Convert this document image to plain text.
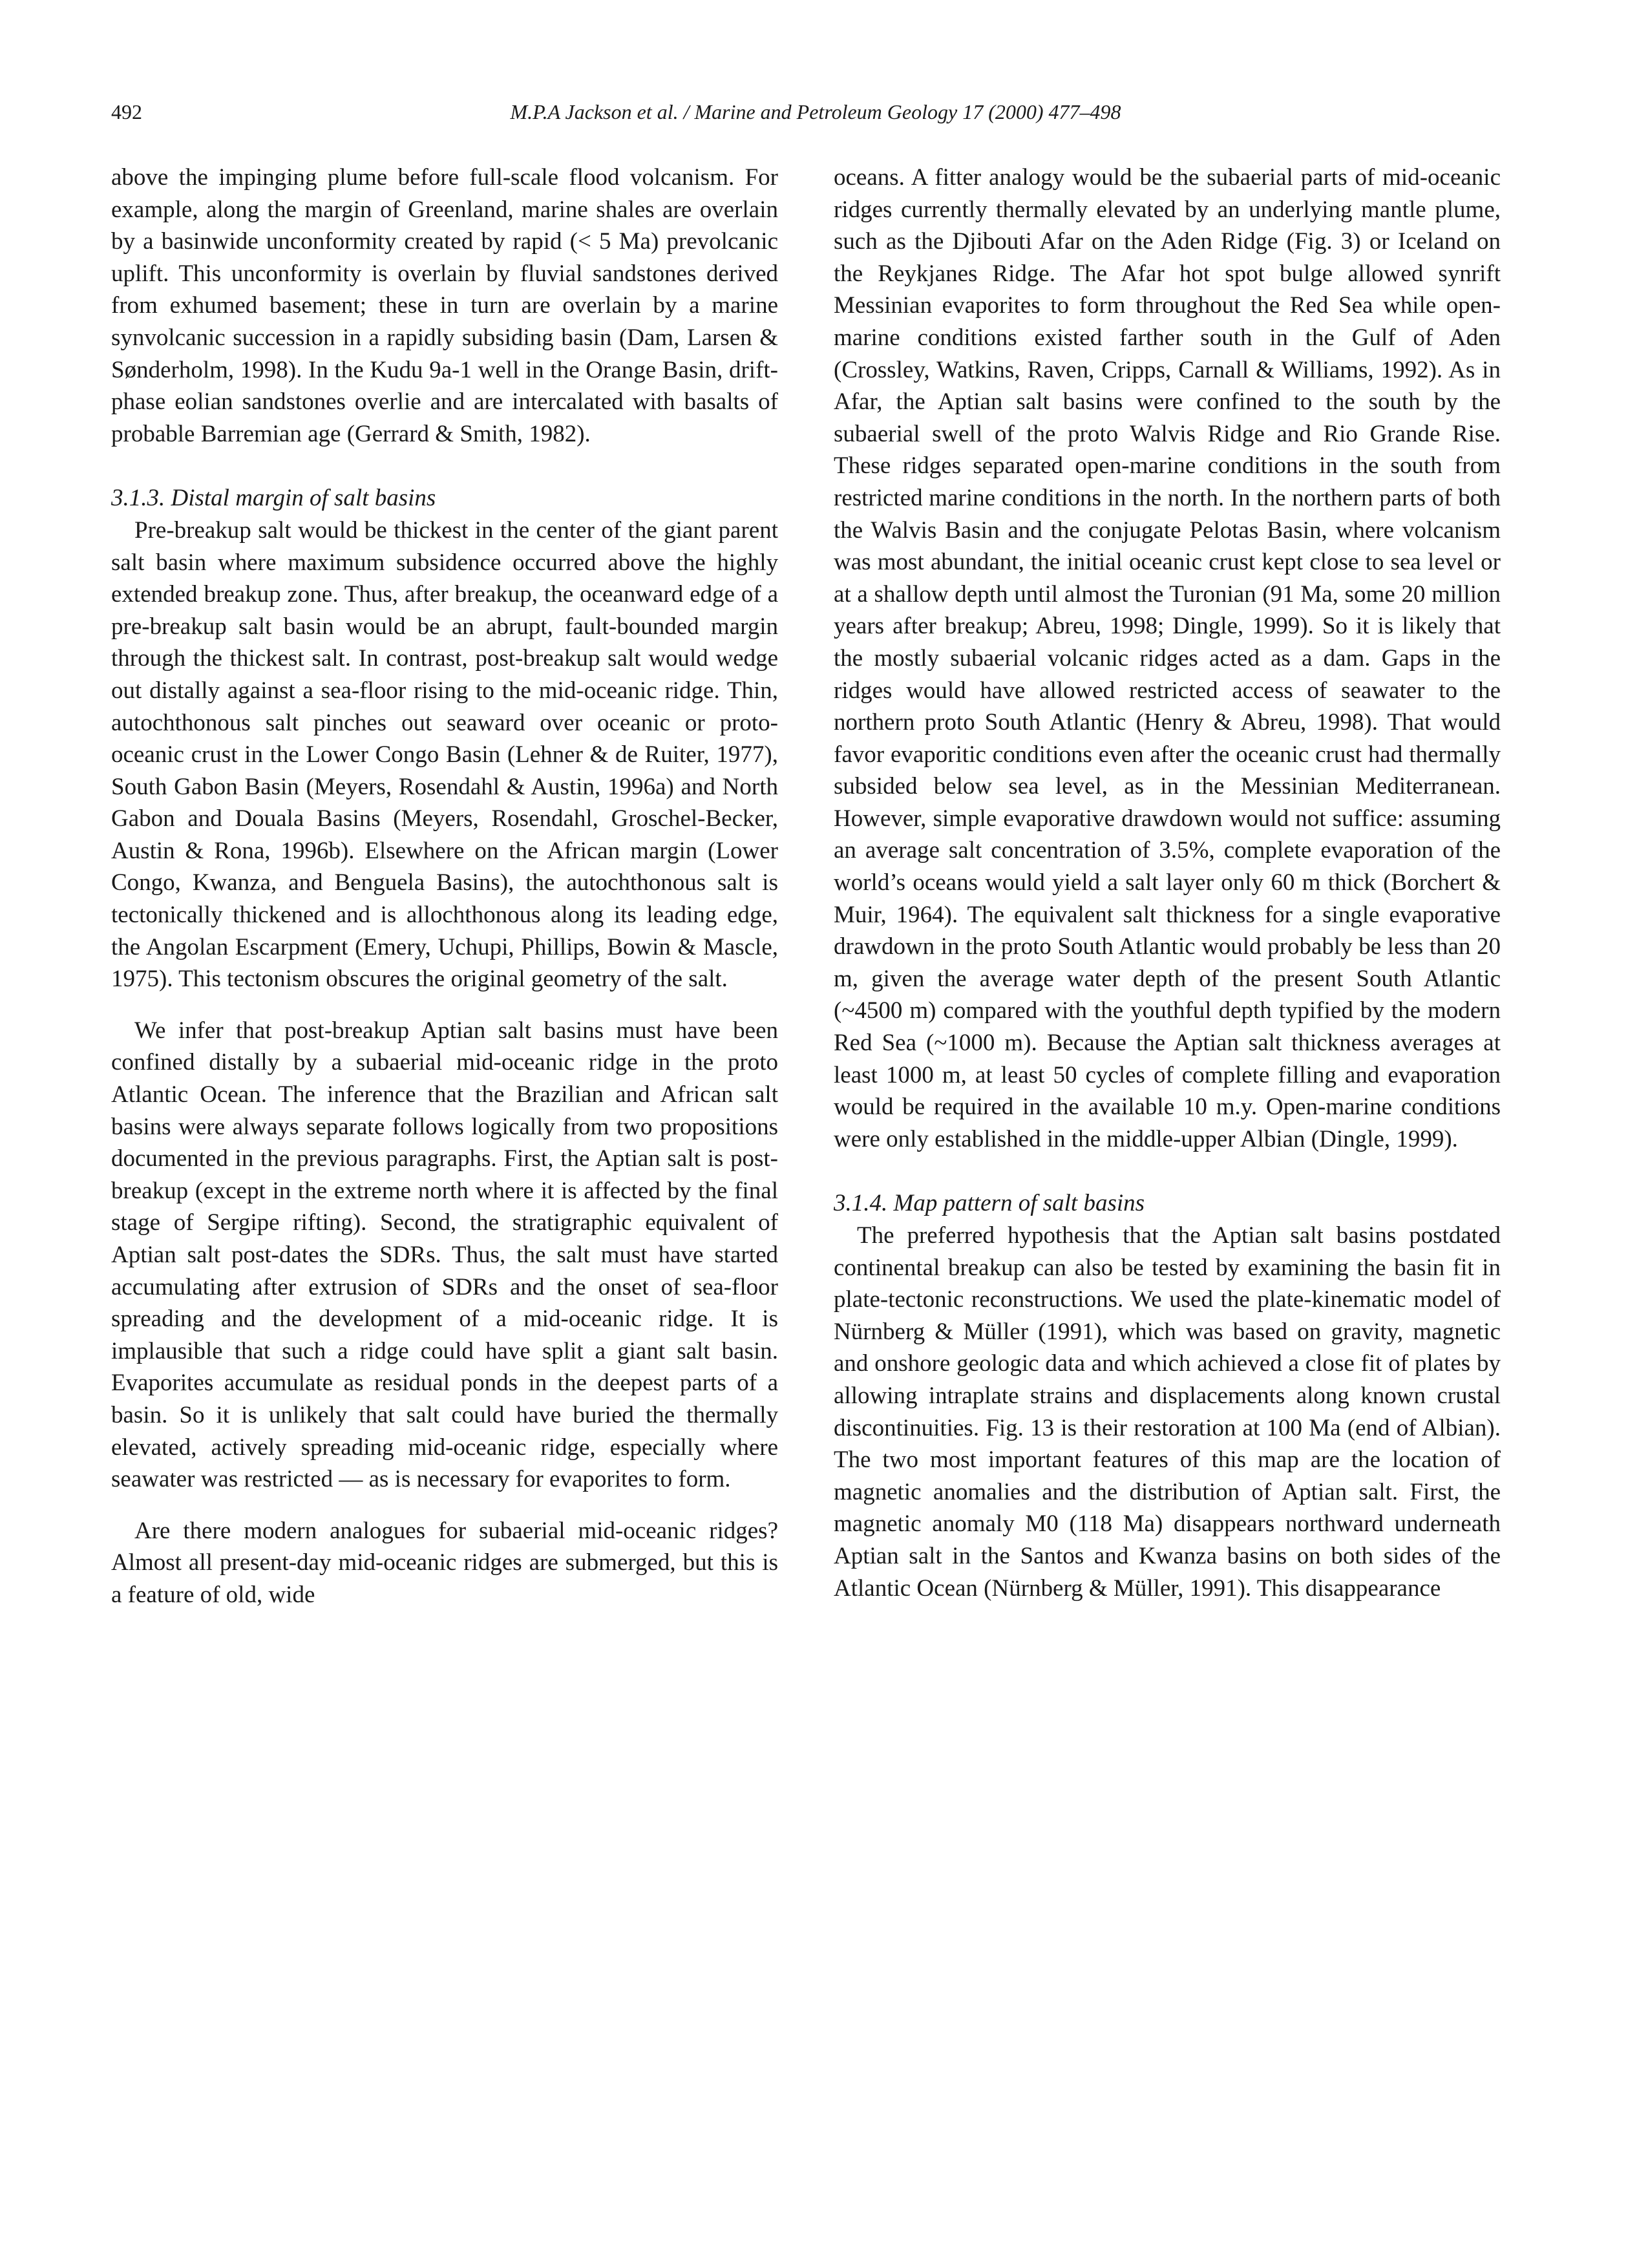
492	M.P.A Jackson et al. / Marine and Petroleum Geology 17 (2000) 477–498

above the impinging plume before full-scale flood volcanism. For example, along the margin of Greenland, marine shales are overlain by a basinwide unconformity created by rapid (< 5 Ma) prevolcanic uplift. This unconformity is overlain by fluvial sandstones derived from exhumed basement; these in turn are overlain by a marine synvolcanic succession in a rapidly subsiding basin (Dam, Larsen & Sønderholm, 1998). In the Kudu 9a-1 well in the Orange Basin, drift-phase eolian sandstones overlie and are intercalated with basalts of probable Barremian age (Gerrard & Smith, 1982).

3.1.3. Distal margin of salt basins

Pre-breakup salt would be thickest in the center of the giant parent salt basin where maximum subsidence occurred above the highly extended breakup zone. Thus, after breakup, the oceanward edge of a pre-breakup salt basin would be an abrupt, fault-bounded margin through the thickest salt. In contrast, post-breakup salt would wedge out distally against a sea-floor rising to the mid-oceanic ridge. Thin, autochthonous salt pinches out seaward over oceanic or proto-oceanic crust in the Lower Congo Basin (Lehner & de Ruiter, 1977), South Gabon Basin (Meyers, Rosendahl & Austin, 1996a) and North Gabon and Douala Basins (Meyers, Rosendahl, Groschel-Becker, Austin & Rona, 1996b). Elsewhere on the African margin (Lower Congo, Kwanza, and Benguela Basins), the autochthonous salt is tectonically thickened and is allochthonous along its leading edge, the Angolan Escarpment (Emery, Uchupi, Phillips, Bowin & Mascle, 1975). This tectonism obscures the original geometry of the salt.

We infer that post-breakup Aptian salt basins must have been confined distally by a subaerial mid-oceanic ridge in the proto Atlantic Ocean. The inference that the Brazilian and African salt basins were always separate follows logically from two propositions documented in the previous paragraphs. First, the Aptian salt is post-breakup (except in the extreme north where it is affected by the final stage of Sergipe rifting). Second, the stratigraphic equivalent of Aptian salt post-dates the SDRs. Thus, the salt must have started accumulating after extrusion of SDRs and the onset of sea-floor spreading and the development of a mid-oceanic ridge. It is implausible that such a ridge could have split a giant salt basin. Evaporites accumulate as residual ponds in the deepest parts of a basin. So it is unlikely that salt could have buried the thermally elevated, actively spreading mid-oceanic ridge, especially where seawater was restricted — as is necessary for evaporites to form.

Are there modern analogues for subaerial mid-oceanic ridges? Almost all present-day mid-oceanic ridges are submerged, but this is a feature of old, wide

oceans. A fitter analogy would be the subaerial parts of mid-oceanic ridges currently thermally elevated by an underlying mantle plume, such as the Djibouti Afar on the Aden Ridge (Fig. 3) or Iceland on the Reykjanes Ridge. The Afar hot spot bulge allowed synrift Messinian evaporites to form throughout the Red Sea while open-marine conditions existed farther south in the Gulf of Aden (Crossley, Watkins, Raven, Cripps, Carnall & Williams, 1992). As in Afar, the Aptian salt basins were confined to the south by the subaerial swell of the proto Walvis Ridge and Rio Grande Rise. These ridges separated open-marine conditions in the south from restricted marine conditions in the north. In the northern parts of both the Walvis Basin and the conjugate Pelotas Basin, where volcanism was most abundant, the initial oceanic crust kept close to sea level or at a shallow depth until almost the Turonian (91 Ma, some 20 million years after breakup; Abreu, 1998; Dingle, 1999). So it is likely that the mostly subaerial volcanic ridges acted as a dam. Gaps in the ridges would have allowed restricted access of seawater to the northern proto South Atlantic (Henry & Abreu, 1998). That would favor evaporitic conditions even after the oceanic crust had thermally subsided below sea level, as in the Messinian Mediterranean. However, simple evaporative drawdown would not suffice: assuming an average salt concentration of 3.5%, complete evaporation of the world’s oceans would yield a salt layer only 60 m thick (Borchert & Muir, 1964). The equivalent salt thickness for a single evaporative drawdown in the proto South Atlantic would probably be less than 20 m, given the average water depth of the present South Atlantic (~4500 m) compared with the youthful depth typified by the modern Red Sea (~1000 m). Because the Aptian salt thickness averages at least 1000 m, at least 50 cycles of complete filling and evaporation would be required in the available 10 m.y. Open-marine conditions were only established in the middle-upper Albian (Dingle, 1999).

3.1.4. Map pattern of salt basins

The preferred hypothesis that the Aptian salt basins postdated continental breakup can also be tested by examining the basin fit in plate-tectonic reconstructions. We used the plate-kinematic model of Nürnberg & Müller (1991), which was based on gravity, magnetic and onshore geologic data and which achieved a close fit of plates by allowing intraplate strains and displacements along known crustal discontinuities. Fig. 13 is their restoration at 100 Ma (end of Albian). The two most important features of this map are the location of magnetic anomalies and the distribution of Aptian salt. First, the magnetic anomaly M0 (118 Ma) disappears northward underneath Aptian salt in the Santos and Kwanza basins on both sides of the Atlantic Ocean (Nürnberg & Müller, 1991). This disappearance
